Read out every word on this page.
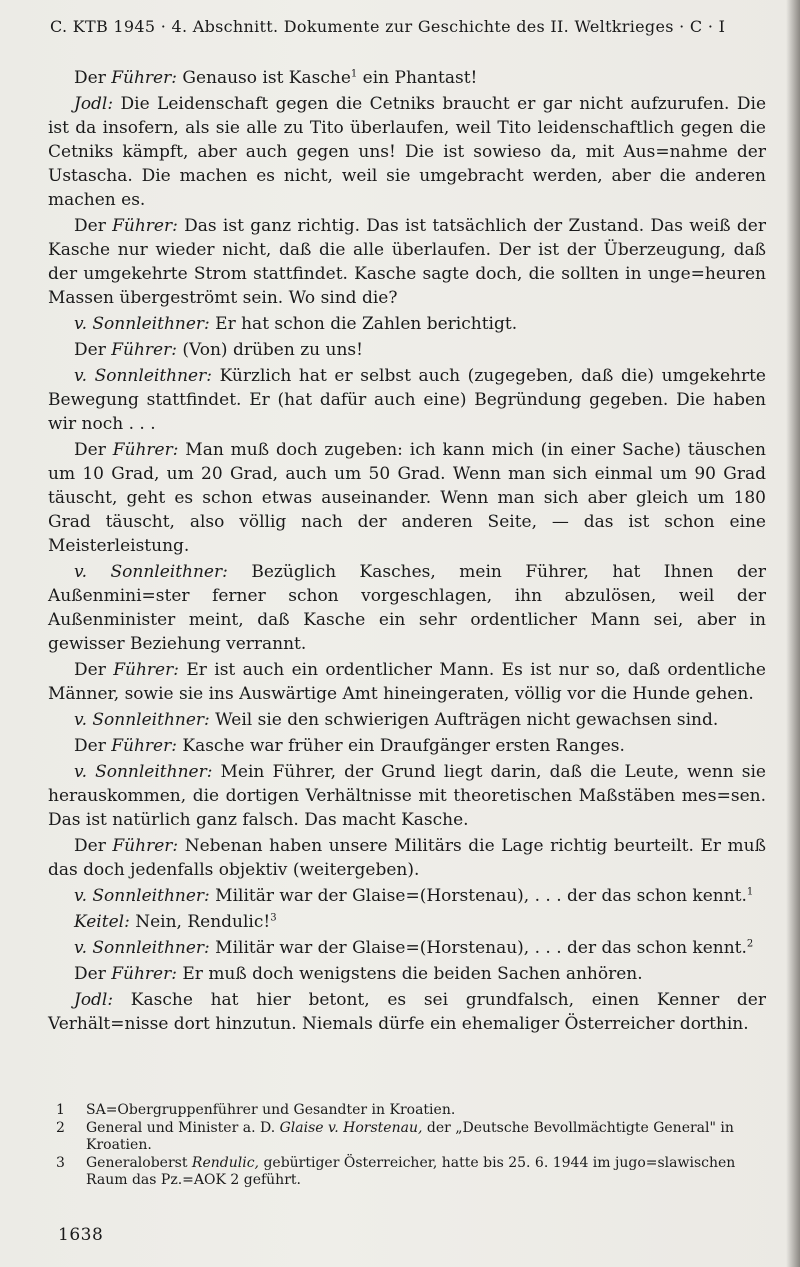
C. KTB 1945 · 4. Abschnitt. Dokumente zur Geschichte des II. Weltkrieges · C · I

Der Führer: Genauso ist Kasche$^1$ ein Phantast!

Jodl: Die Leidenschaft gegen die Cetniks braucht er gar nicht aufzurufen. Die ist da insofern, als sie alle zu Tito überlaufen, weil Tito leidenschaftlich gegen die Cetniks kämpft, aber auch gegen uns! Die ist sowieso da, mit Aus=nahme der Ustascha. Die machen es nicht, weil sie umgebracht werden, aber die anderen machen es.

Der Führer: Das ist ganz richtig. Das ist tatsächlich der Zustand. Das weiß der Kasche nur wieder nicht, daß die alle überlaufen. Der ist der Überzeugung, daß der umgekehrte Strom stattfindet. Kasche sagte doch, die sollten in unge=heuren Massen übergeströmt sein. Wo sind die?

v. Sonnleithner: Er hat schon die Zahlen berichtigt.

Der Führer: (Von) drüben zu uns!

v. Sonnleithner: Kürzlich hat er selbst auch (zugegeben, daß die) umgekehrte Bewegung stattfindet. Er (hat dafür auch eine) Begründung gegeben. Die haben wir noch . . .

Der Führer: Man muß doch zugeben: ich kann mich (in einer Sache) täuschen um 10 Grad, um 20 Grad, auch um 50 Grad. Wenn man sich einmal um 90 Grad täuscht, geht es schon etwas auseinander. Wenn man sich aber gleich um 180 Grad täuscht, also völlig nach der anderen Seite, — das ist schon eine Meisterleistung.

v. Sonnleithner: Bezüglich Kasches, mein Führer, hat Ihnen der Außenmini=ster ferner schon vorgeschlagen, ihn abzulösen, weil der Außenminister meint, daß Kasche ein sehr ordentlicher Mann sei, aber in gewisser Beziehung verrannt.

Der Führer: Er ist auch ein ordentlicher Mann. Es ist nur so, daß ordentliche Männer, sowie sie ins Auswärtige Amt hineingeraten, völlig vor die Hunde gehen.

v. Sonnleithner: Weil sie den schwierigen Aufträgen nicht gewachsen sind.

Der Führer: Kasche war früher ein Draufgänger ersten Ranges.

v. Sonnleithner: Mein Führer, der Grund liegt darin, daß die Leute, wenn sie herauskommen, die dortigen Verhältnisse mit theoretischen Maßstäben mes=sen. Das ist natürlich ganz falsch. Das macht Kasche.

Der Führer: Nebenan haben unsere Militärs die Lage richtig beurteilt. Er muß das doch jedenfalls objektiv (weitergeben).

v. Sonnleithner: Militär war der Glaise=(Horstenau), . . . der das schon kennt.$^1$

Keitel: Nein, Rendulic!$^3$

v. Sonnleithner: Militär war der Glaise=(Horstenau), . . . der das schon kennt.$^2$

Der Führer: Er muß doch wenigstens die beiden Sachen anhören.

Jodl: Kasche hat hier betont, es sei grundfalsch, einen Kenner der Verhält=nisse dort hinzutun. Niemals dürfe ein ehemaliger Österreicher dorthin.

1 SA=Obergruppenführer und Gesandter in Kroatien.
2 General und Minister a. D. Glaise v. Horstenau, der „Deutsche Bevollmächtigte General" in Kroatien.
3 Generaloberst Rendulic, gebürtiger Österreicher, hatte bis 25. 6. 1944 im jugo=slawischen Raum das Pz.=AOK 2 geführt.
1638
